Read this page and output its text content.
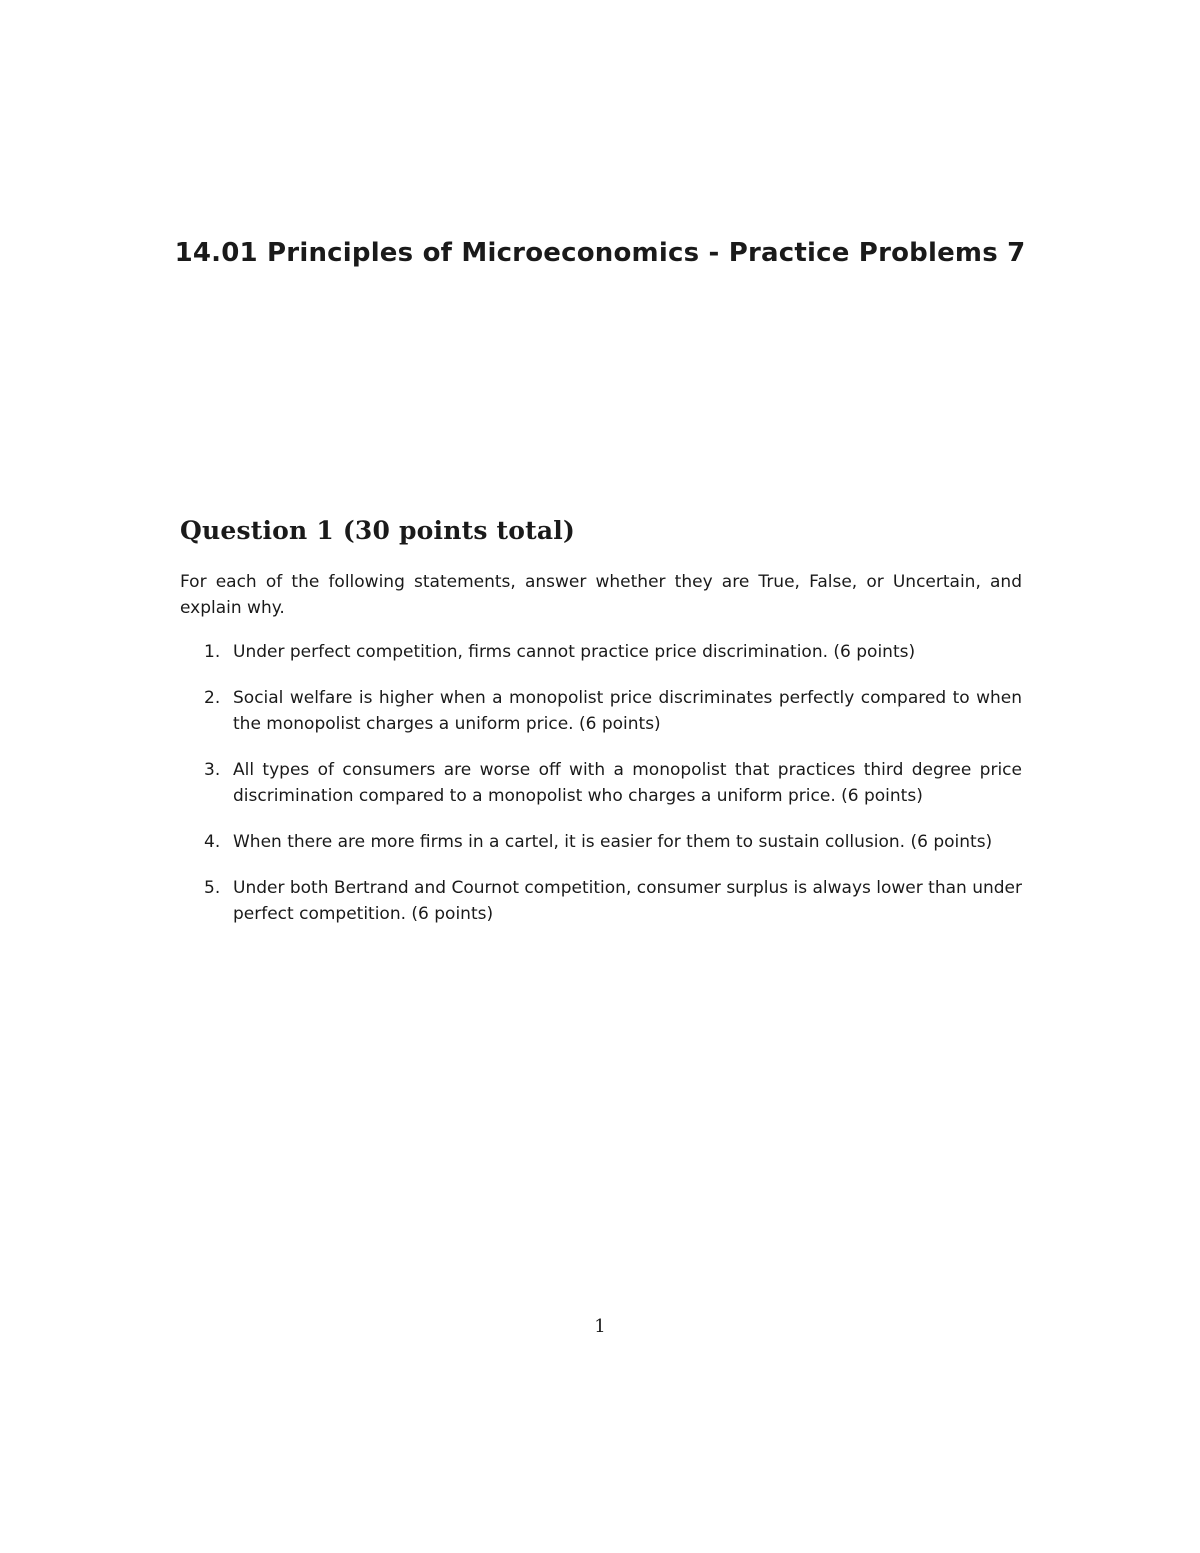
14.01 Principles of Microeconomics - Practice Problems 7
Question 1 (30 points total)

For each of the following statements, answer whether they are True, False, or Uncertain, and explain why.

1. Under perfect competition, firms cannot practice price discrimination. (6 points)
2. Social welfare is higher when a monopolist price discriminates perfectly compared to when the monopolist charges a uniform price. (6 points)
3. All types of consumers are worse off with a monopolist that practices third degree price discrimination compared to a monopolist who charges a uniform price. (6 points)
4. When there are more firms in a cartel, it is easier for them to sustain collusion. (6 points)
5. Under both Bertrand and Cournot competition, consumer surplus is always lower than under perfect competition. (6 points)
1
